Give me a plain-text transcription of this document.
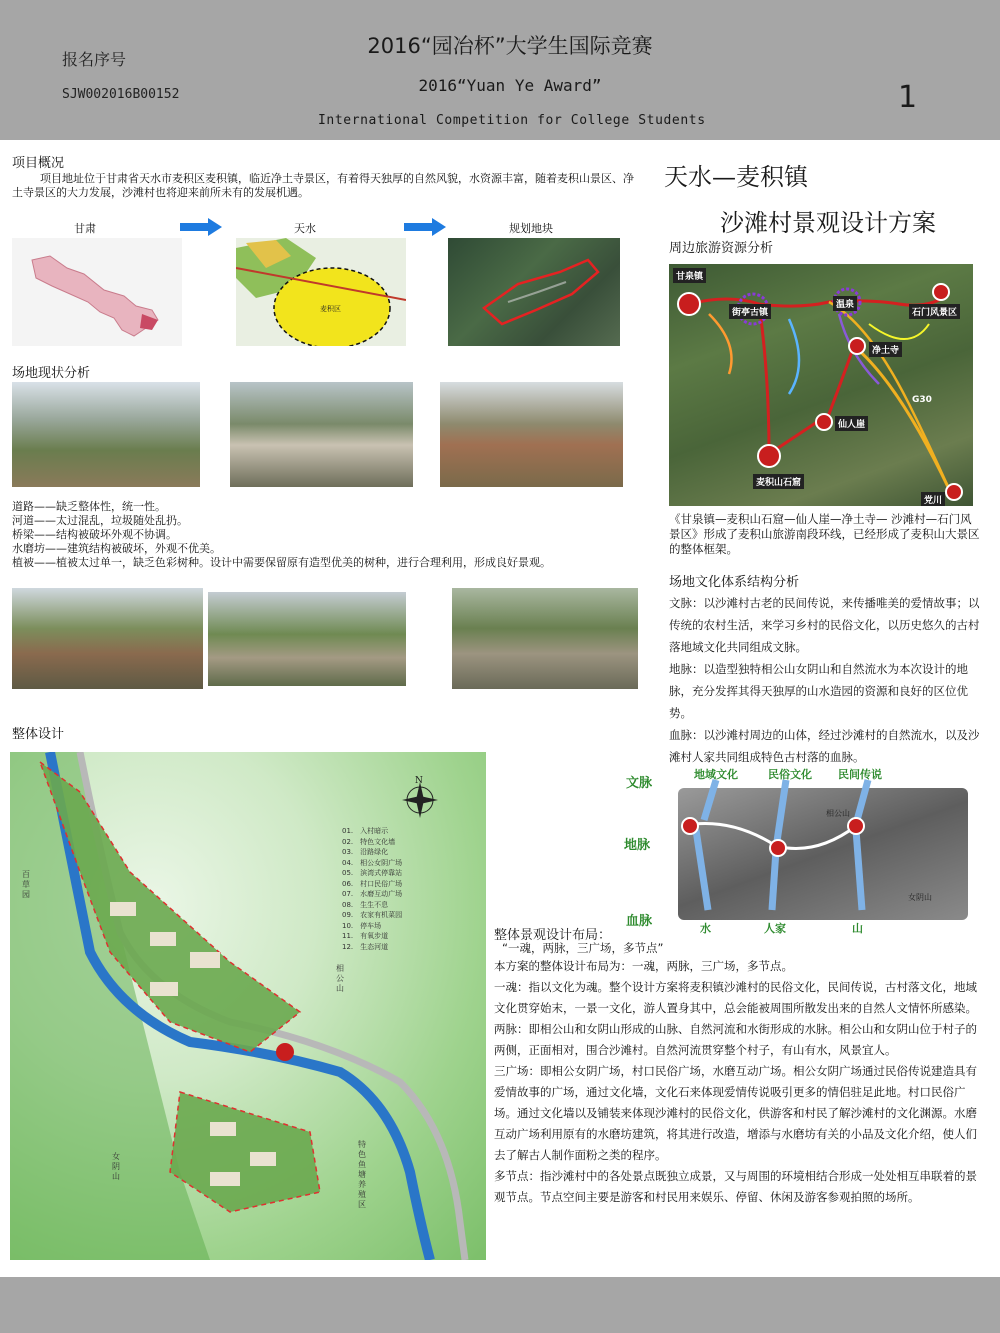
报名序号
SJW002016B00152
2016“园冶杯”大学生国际竞赛
2016“Yuan Ye Award”
International Competition for College Students
1
天水—麦积镇
沙滩村景观设计方案
项目概况
项目地址位于甘肃省天水市麦积区麦积镇，临近净土寺景区，有着得天独厚的自然风貌，水资源丰富，随着麦积山景区、净土寺景区的大力发展，沙滩村也将迎来前所未有的发展机遇。
甘肃	天水	规划地块
麦积区
场地现状分析
道路——缺乏整体性，统一性。
河道——太过混乱，垃圾随处乱扔。
桥梁——结构被破坏外观不协调。
水磨坊——建筑结构被破坏，外观不优美。
植被——植被太过单一，缺乏色彩树种。设计中需要保留原有造型优美的树种，进行合理利用，形成良好景观。
周边旅游资源分析
甘泉镇
街亭古镇
温泉
石门风景区
净土寺
仙人崖
麦积山石窟
党川
G30
《甘泉镇—麦积山石窟—仙人崖—净土寺— 沙滩村—石门风景区》形成了麦积山旅游南段环线，已经形成了麦积山大景区的整体框架。
场地文化体系结构分析
文脉：以沙滩村古老的民间传说，来传播唯美的爱情故事；以传统的农村生活，来学习乡村的民俗文化，以历史悠久的古村落地域文化共同组成文脉。
地脉：以造型独特相公山女阴山和自然流水为本次设计的地脉，充分发挥其得天独厚的山水造园的资源和良好的区位优势。
血脉：以沙滩村周边的山体，经过沙滩村的自然流水，以及沙滩村人家共同组成特色古村落的血脉。
文脉
地脉
血脉
地域文化	民俗文化 民间传说
水	人家	山
相公山
女阴山
整体设计
N
01.　入村暗示
02.　特色文化墙
03.　沿路绿化
04.　相公女阴广场
05.　滨湾式停靠站
06.　村口民俗广场
07.　水磨互动广场
08.　生生不息
09.　农家有机菜园
10.　停车场
11.　有氧步道
12.　生态河道
百草园
相公山
女阴山
特色鱼塘养殖区
整体景观设计布局：
“一魂，两脉，三广场，多节点”
本方案的整体设计布局为：一魂，两脉，三广场，多节点。
一魂：指以文化为魂。整个设计方案将麦积镇沙滩村的民俗文化，民间传说，古村落文化，地域文化贯穿始末，一景一文化，游人置身其中，总会能被周围所散发出来的自然人文情怀所感染。
两脉：即相公山和女阴山形成的山脉、自然河流和水街形成的水脉。相公山和女阴山位于村子的两侧，正面相对，围合沙滩村。自然河流贯穿整个村子，有山有水，风景宜人。
三广场：即相公女阴广场，村口民俗广场，水磨互动广场。相公女阴广场通过民俗传说建造具有爱情故事的广场，通过文化墙，文化石来体现爱情传说吸引更多的情侣驻足此地。村口民俗广场。通过文化墙以及铺装来体现沙滩村的民俗文化，供游客和村民了解沙滩村的文化渊源。水磨互动广场利用原有的水磨坊建筑，将其进行改造，增添与水磨坊有关的小品及文化介绍，使人们去了解古人制作面粉之类的程序。
多节点：指沙滩村中的各处景点既独立成景，又与周围的环境相结合形成一处处相互串联着的景观节点。节点空间主要是游客和村民用来娱乐、停留、休闲及游客参观拍照的场所。
